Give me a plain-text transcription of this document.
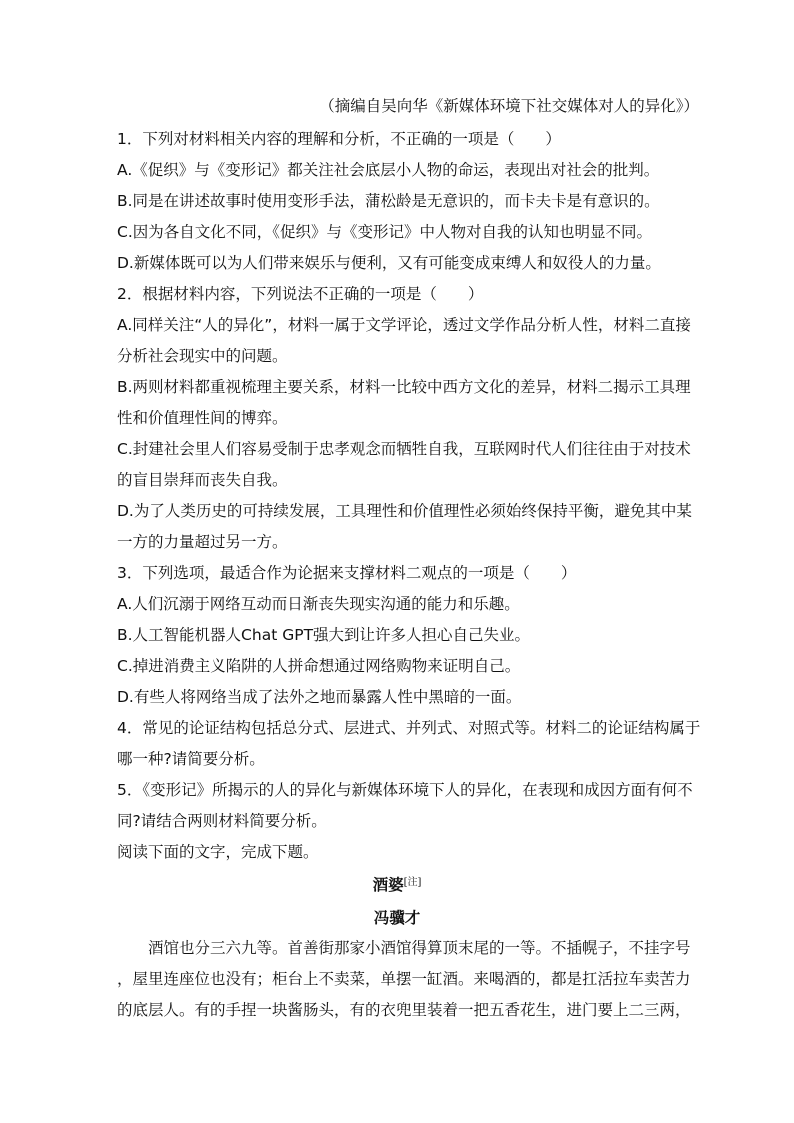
（摘编自吴向华《新媒体环境下社交媒体对人的异化》）
1．下列对材料相关内容的理解和分析，不正确的一项是（　　）
A.《促织》与《变形记》都关注社会底层小人物的命运，表现出对社会的批判。
B.同是在讲述故事时使用变形手法，蒲松龄是无意识的，而卡夫卡是有意识的。
C.因为各自文化不同，《促织》与《变形记》中人物对自我的认知也明显不同。
D.新媒体既可以为人们带来娱乐与便利，又有可能变成束缚人和奴役人的力量。
2．根据材料内容，下列说法不正确的一项是（　　）
A.同样关注“人的异化”，材料一属于文学评论，透过文学作品分析人性，材料二直接
分析社会现实中的问题。
B.两则材料都重视梳理主要关系，材料一比较中西方文化的差异，材料二揭示工具理
性和价值理性间的博弈。
C.封建社会里人们容易受制于忠孝观念而牺牲自我，互联网时代人们往往由于对技术
的盲目崇拜而丧失自我。
D.为了人类历史的可持续发展，工具理性和价值理性必须始终保持平衡，避免其中某
一方的力量超过另一方。
3．下列选项，最适合作为论据来支撑材料二观点的一项是（　　）
A.人们沉溺于网络互动而日渐丧失现实沟通的能力和乐趣。
B.人工智能机器人Chat GPT强大到让许多人担心自己失业。
C.掉进消费主义陷阱的人拼命想通过网络购物来证明自己。
D.有些人将网络当成了法外之地而暴露人性中黑暗的一面。
4．常见的论证结构包括总分式、层进式、并列式、对照式等。材料二的论证结构属于
哪一种?请简要分析。
5．《变形记》所揭示的人的异化与新媒体环境下人的异化，在表现和成因方面有何不
同?请结合两则材料简要分析。
阅读下面的文字，完成下题。
酒婆[注]
冯骥才
　　酒馆也分三六九等。首善街那家小酒馆得算顶末尾的一等。不插幌子，不挂字号
，屋里连座位也没有；柜台上不卖菜，单摆一缸酒。来喝酒的，都是扛活拉车卖苦力
的底层人。有的手捏一块酱肠头，有的衣兜里装着一把五香花生，进门要上二三两，
